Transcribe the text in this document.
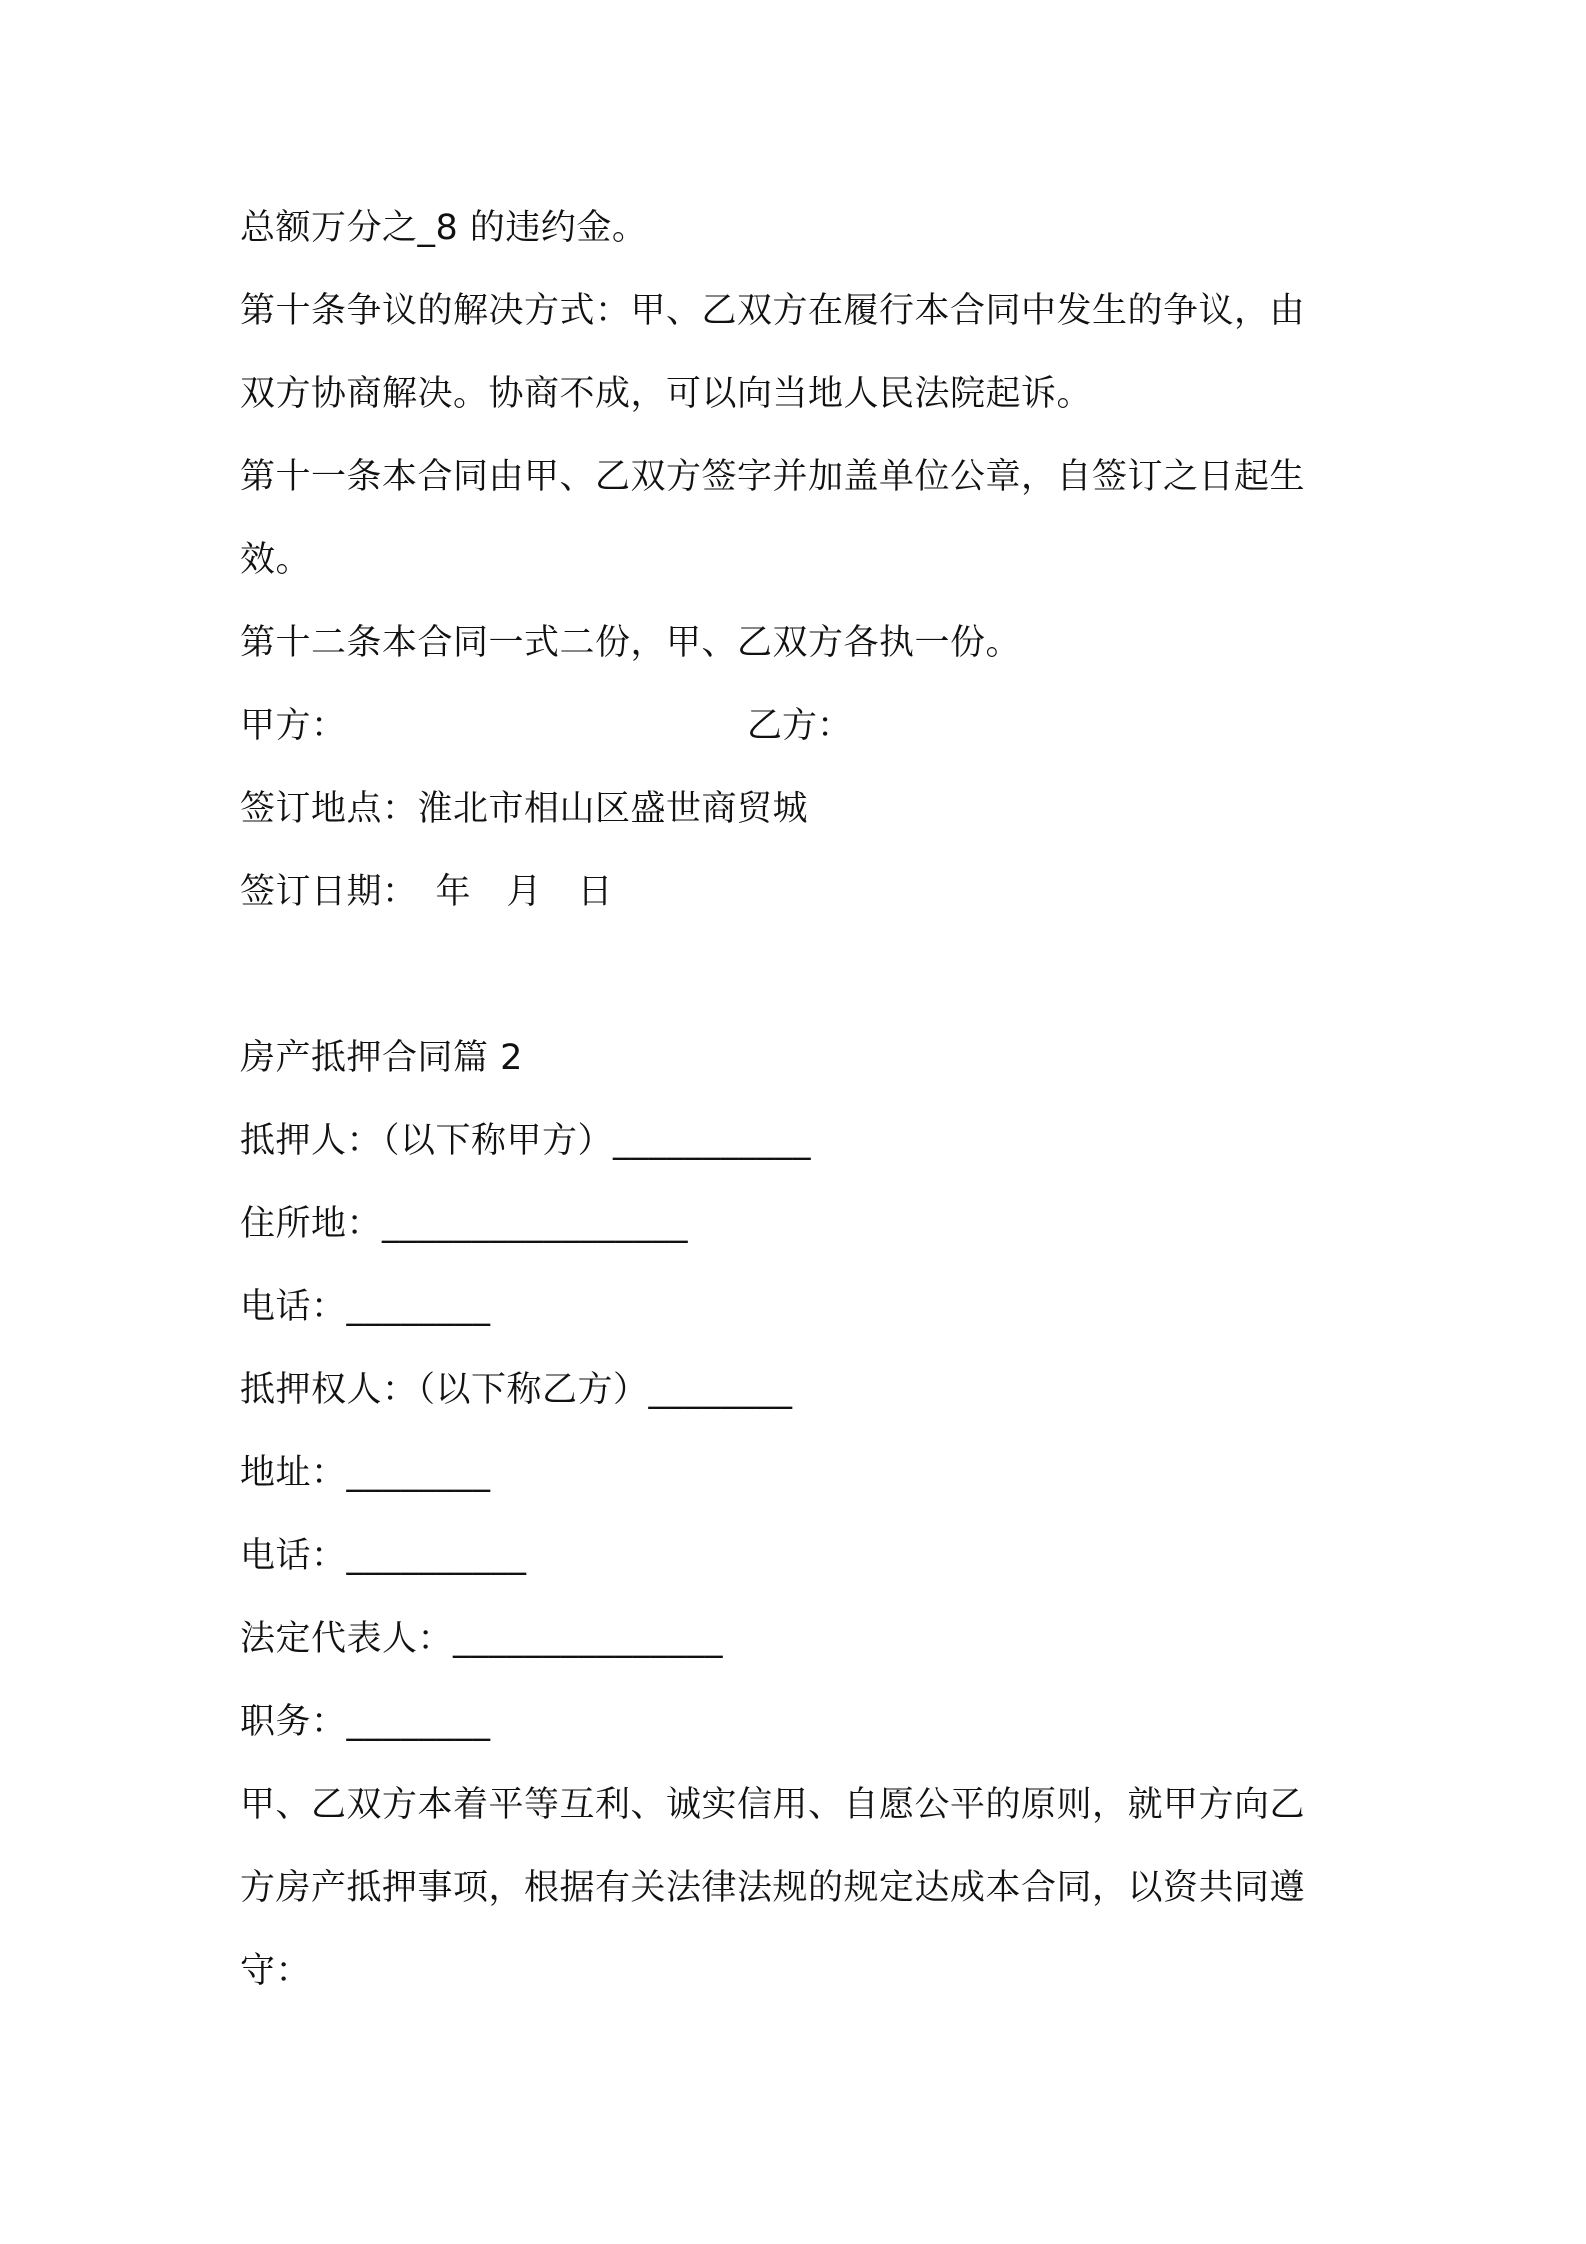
总额万分之_8 的违约金。
第十条争议的解决方式：甲、乙双方在履行本合同中发生的争议，由
双方协商解决。协商不成，可以向当地人民法院起诉。
第十一条本合同由甲、乙双方签字并加盖单位公章，自签订之日起生
效。
第十二条本合同一式二份，甲、乙双方各执一份。
甲方：	乙方：
签订地点：淮北市相山区盛世商贸城
签订日期：　年　月　日
房产抵押合同篇 2
抵押人：（以下称甲方）___________
住所地：_________________
电话：________
抵押权人：（以下称乙方）________
地址：________
电话：__________
法定代表人：_______________
职务：________
甲、乙双方本着平等互利、诚实信用、自愿公平的原则，就甲方向乙
方房产抵押事项，根据有关法律法规的规定达成本合同，以资共同遵
守：
